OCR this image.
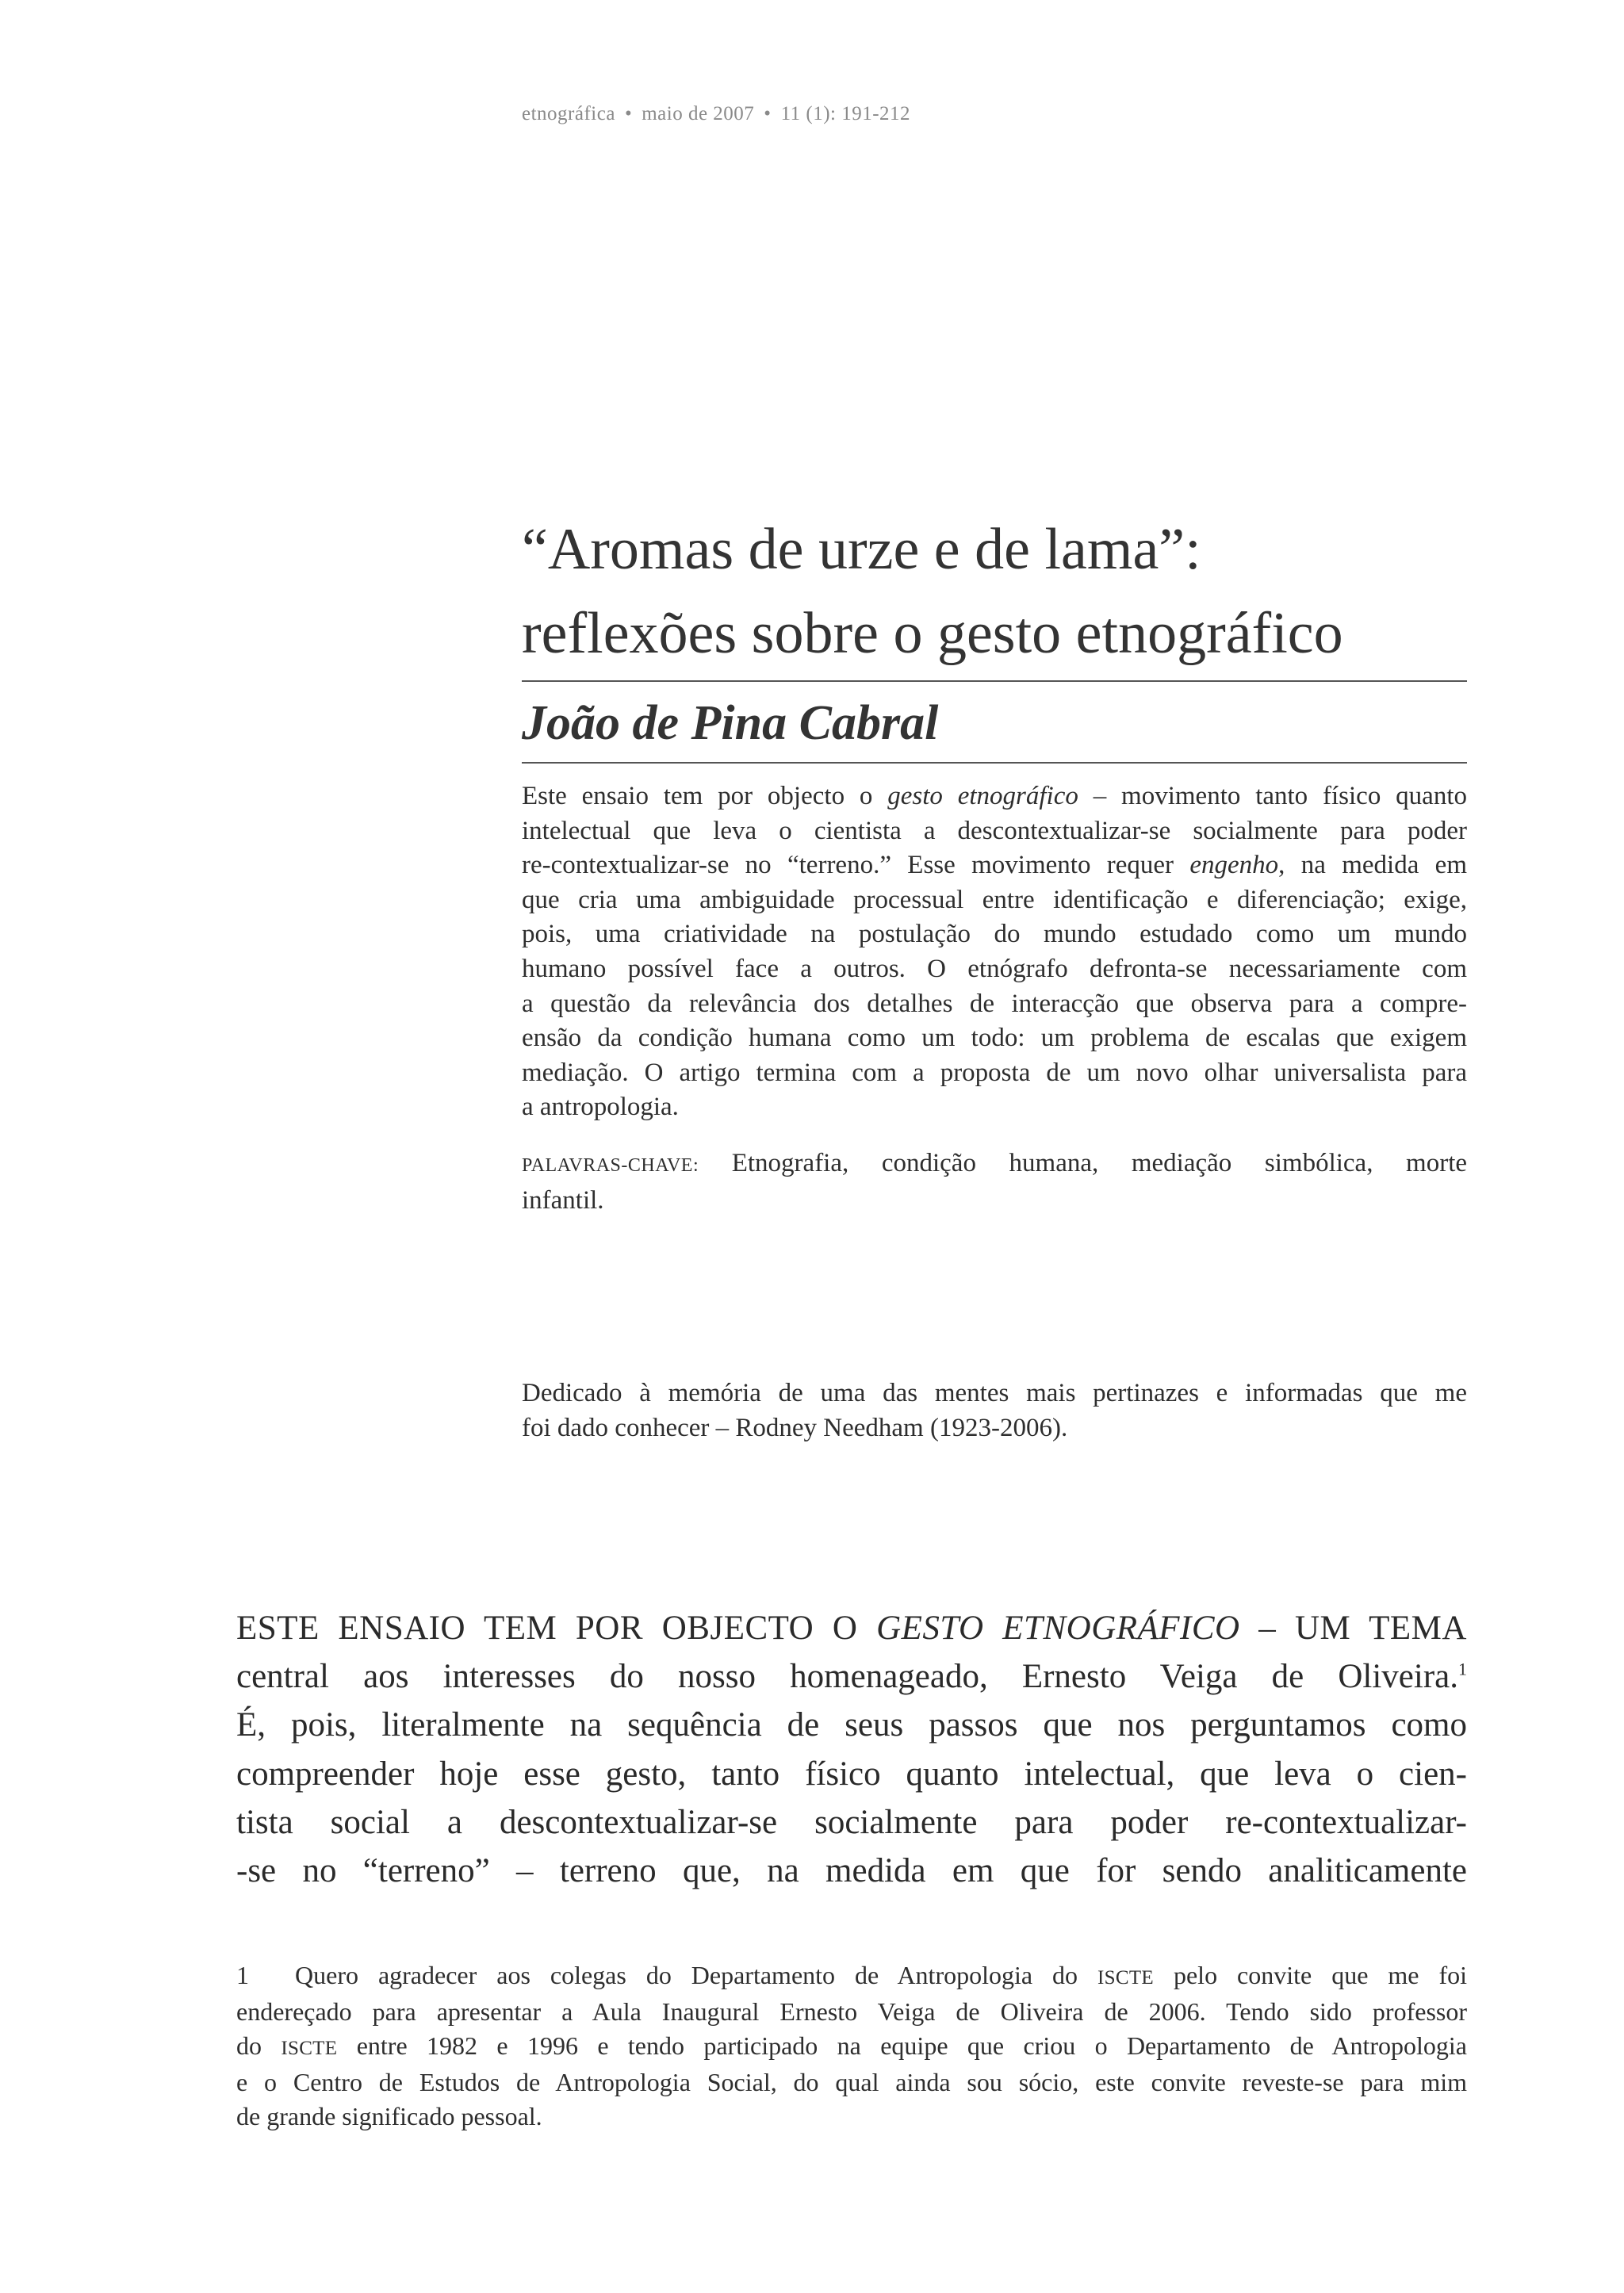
etnográfica • maio de 2007 • 11 (1): 191-212
“Aromas de urze e de lama”:
reflexões sobre o gesto etnográfico
João de Pina Cabral

Este ensaio tem por objecto o gesto etnográfico – movimento tanto físico quanto
intelectual que leva o cientista a descontextualizar-se socialmente para poder
re-contextualizar-se no “terreno.” Esse movimento requer engenho, na medida em
que cria uma ambiguidade processual entre identificação e diferenciação; exige,
pois, uma criatividade na postulação do mundo estudado como um mundo
humano possível face a outros. O etnógrafo defronta-se necessariamente com
a questão da relevância dos detalhes de interacção que observa para a compre-
ensão da condição humana como um todo: um problema de escalas que exigem
mediação. O artigo termina com a proposta de um novo olhar universalista para
a antropologia.

PALAVRAS-CHAVE: Etnografia, condição humana, mediação simbólica, morte
infantil.

Dedicado à memória de uma das mentes mais pertinazes e informadas que me
foi dado conhecer – Rodney Needham (1923-2006).

ESTE ENSAIO TEM POR OBJECTO O GESTO ETNOGRÁFICO – UM TEMA
central aos interesses do nosso homenageado, Ernesto Veiga de Oliveira.$^1$
É, pois, literalmente na sequência de seus passos que nos perguntamos como
compreender hoje esse gesto, tanto físico quanto intelectual, que leva o cien-
tista social a descontextualizar-se socialmente para poder re-contextualizar-
-se no “terreno” – terreno que, na medida em que for sendo analiticamente

1 Quero agradecer aos colegas do Departamento de Antropologia do ISCTE pelo convite que me foi
endereçado para apresentar a Aula Inaugural Ernesto Veiga de Oliveira de 2006. Tendo sido professor
do ISCTE entre 1982 e 1996 e tendo participado na equipe que criou o Departamento de Antropologia
e o Centro de Estudos de Antropologia Social, do qual ainda sou sócio, este convite reveste-se para mim
de grande significado pessoal.
